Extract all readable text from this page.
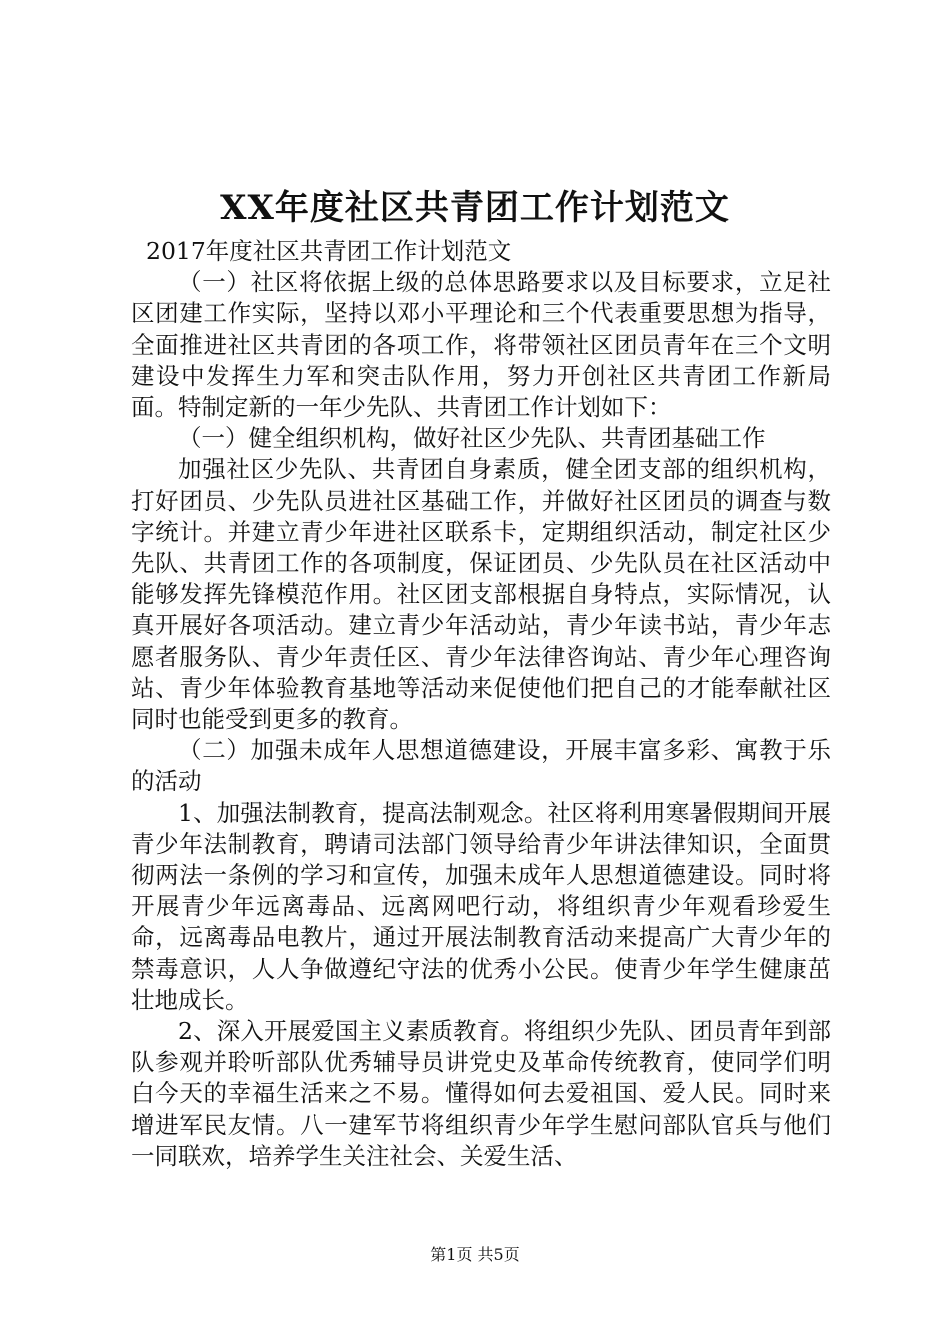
XX年度社区共青团工作计划范文

2017年度社区共青团工作计划范文

（一）社区将依据上级的总体思路要求以及目标要求，立足社区团建工作实际，坚持以邓小平理论和三个代表重要思想为指导，全面推进社区共青团的各项工作，将带领社区团员青年在三个文明建设中发挥生力军和突击队作用，努力开创社区共青团工作新局面。特制定新的一年少先队、共青团工作计划如下：

（一）健全组织机构，做好社区少先队、共青团基础工作

加强社区少先队、共青团自身素质，健全团支部的组织机构，打好团员、少先队员进社区基础工作，并做好社区团员的调查与数字统计。并建立青少年进社区联系卡，定期组织活动，制定社区少先队、共青团工作的各项制度，保证团员、少先队员在社区活动中能够发挥先锋模范作用。社区团支部根据自身特点，实际情况，认真开展好各项活动。建立青少年活动站，青少年读书站，青少年志愿者服务队、青少年责任区、青少年法律咨询站、青少年心理咨询站、青少年体验教育基地等活动来促使他们把自己的才能奉献社区同时也能受到更多的教育。

（二）加强未成年人思想道德建设，开展丰富多彩、寓教于乐的活动

1、加强法制教育，提高法制观念。社区将利用寒暑假期间开展青少年法制教育，聘请司法部门领导给青少年讲法律知识，全面贯彻两法一条例的学习和宣传，加强未成年人思想道德建设。同时将开展青少年远离毒品、远离网吧行动，将组织青少年观看珍爱生命，远离毒品电教片，通过开展法制教育活动来提高广大青少年的禁毒意识，人人争做遵纪守法的优秀小公民。使青少年学生健康茁壮地成长。

2、深入开展爱国主义素质教育。将组织少先队、团员青年到部队参观并聆听部队优秀辅导员讲党史及革命传统教育，使同学们明白今天的幸福生活来之不易。懂得如何去爱祖国、爱人民。同时来增进军民友情。八一建军节将组织青少年学生慰问部队官兵与他们一同联欢，培养学生关注社会、关爱生活、

第1页 共5页
